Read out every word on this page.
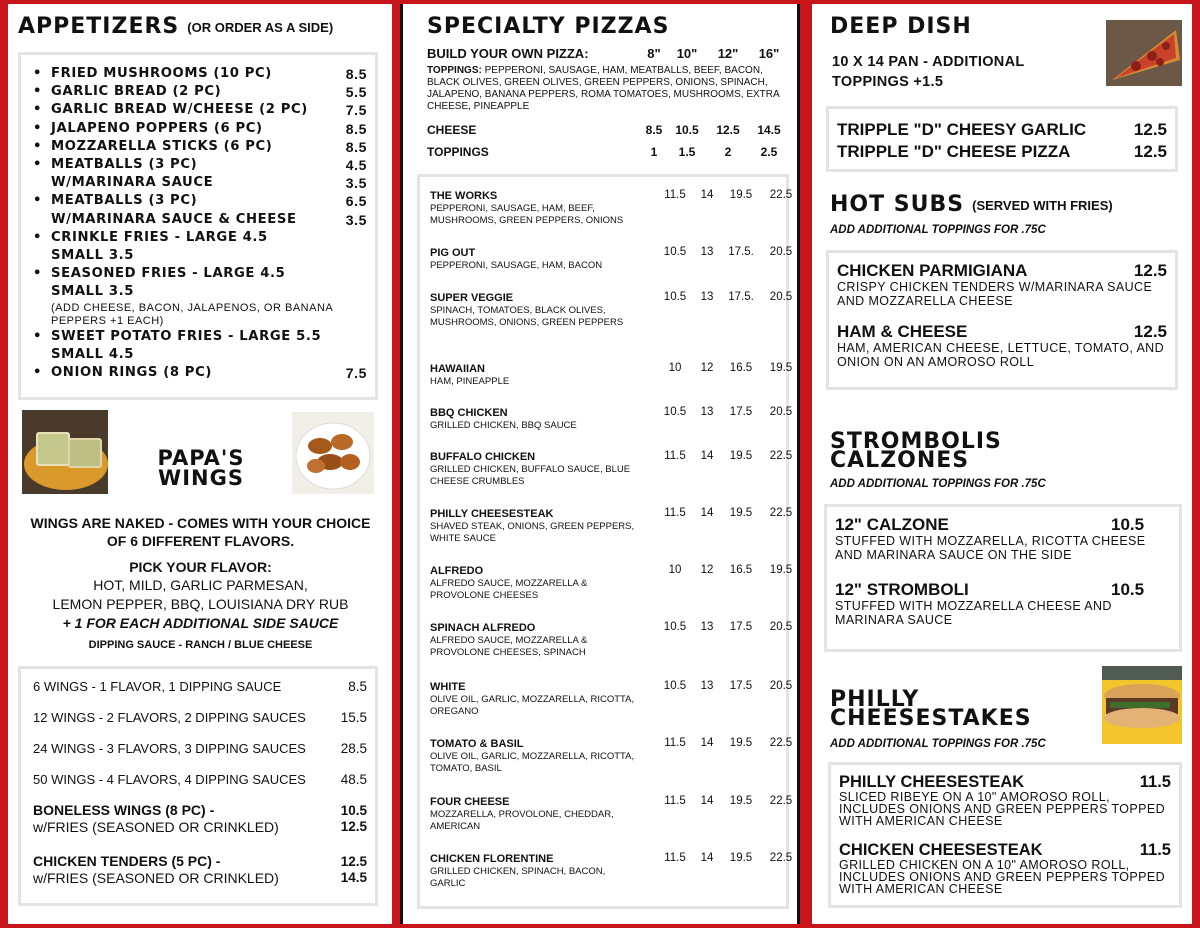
APPETIZERS (OR ORDER AS A SIDE)
• FRIED MUSHROOMS (10 PC)	8.5
• GARLIC BREAD (2 PC)	5.5
• GARLIC BREAD W/CHEESE (2 PC)	7.5
• JALAPENO POPPERS (6 PC)	8.5
• MOZZARELLA STICKS (6 PC)	8.5
• MEATBALLS (3 PC)	4.5
W/MARINARA SAUCE	3.5
• MEATBALLS (3 PC)	6.5
W/MARINARA SAUCE & CHEESE	3.5
• CRINKLE FRIES - LARGE 4.5
SMALL 3.5
• SEASONED FRIES - LARGE 4.5
SMALL 3.5
(ADD CHEESE, BACON, JALAPENOS, OR BANANA PEPPERS +1 EACH)
• SWEET POTATO FRIES - LARGE 5.5
SMALL 4.5
• ONION RINGS (8 PC)	7.5
PAPA'S
WINGS
WINGS ARE NAKED - COMES WITH YOUR CHOICE OF 6 DIFFERENT FLAVORS.
PICK YOUR FLAVOR:
HOT, MILD, GARLIC PARMESAN,
LEMON PEPPER, BBQ, LOUISIANA DRY RUB
+ 1 FOR EACH ADDITIONAL SIDE SAUCE
DIPPING SAUCE - RANCH / BLUE CHEESE
6 WINGS - 1 FLAVOR, 1 DIPPING SAUCE	8.5
12 WINGS - 2 FLAVORS, 2 DIPPING SAUCES	15.5
24 WINGS - 3 FLAVORS, 3 DIPPING SAUCES	28.5
50 WINGS - 4 FLAVORS, 4 DIPPING SAUCES	48.5
BONELESS WINGS (8 PC) -	10.5
w/FRIES (SEASONED OR CRINKLED)	12.5
CHICKEN TENDERS (5 PC) -	12.5
w/FRIES (SEASONED OR CRINKLED)	14.5
SPECIALTY PIZZAS
BUILD YOUR OWN PIZZA:	8"	10"	12"	16"
TOPPINGS: PEPPERONI, SAUSAGE, HAM, MEATBALLS, BEEF, BACON, BLACK OLIVES, GREEN OLIVES, GREEN PEPPERS, ONIONS, SPINACH, JALAPENO, BANANA PEPPERS, ROMA TOMATOES, MUSHROOMS, EXTRA CHEESE, PINEAPPLE
CHEESE	8.5	10.5	12.5	14.5
TOPPINGS	1	1.5	2	2.5
THE WORKS
PEPPERONI, SAUSAGE, HAM, BEEF, MUSHROOMS, GREEN PEPPERS, ONIONS
11.5	14	19.5	22.5
PIG OUT
PEPPERONI, SAUSAGE, HAM, BACON
10.5	13	17.5.	20.5
SUPER VEGGIE
SPINACH, TOMATOES, BLACK OLIVES, MUSHROOMS, ONIONS, GREEN PEPPERS
10.5	13	17.5.	20.5
HAWAIIAN
HAM, PINEAPPLE
10	12	16.5	19.5
BBQ CHICKEN
GRILLED CHICKEN, BBQ SAUCE
10.5	13	17.5	20.5
BUFFALO CHICKEN
GRILLED CHICKEN, BUFFALO SAUCE, BLUE CHEESE CRUMBLES
11.5	14	19.5	22.5
PHILLY CHEESESTEAK
SHAVED STEAK, ONIONS, GREEN PEPPERS, WHITE SAUCE
11.5	14	19.5	22.5
ALFREDO
ALFREDO SAUCE, MOZZARELLA & PROVOLONE CHEESES
10	12	16.5	19.5
SPINACH ALFREDO
ALFREDO SAUCE, MOZZARELLA & PROVOLONE CHEESES, SPINACH
10.5	13	17.5	20.5
WHITE
OLIVE OIL, GARLIC, MOZZARELLA, RICOTTA, OREGANO
10.5	13	17.5	20.5
TOMATO & BASIL
OLIVE OIL, GARLIC, MOZZARELLA, RICOTTA, TOMATO, BASIL
11.5	14	19.5	22.5
FOUR CHEESE
MOZZARELLA, PROVOLONE, CHEDDAR, AMERICAN
11.5	14	19.5	22.5
CHICKEN FLORENTINE
GRILLED CHICKEN, SPINACH, BACON, GARLIC
11.5	14	19.5	22.5
DEEP DISH
10 X 14 PAN - ADDITIONAL
TOPPINGS +1.5
TRIPPLE "D" CHEESY GARLIC	12.5
TRIPPLE "D" CHEESE PIZZA	12.5
HOT SUBS (SERVED WITH FRIES)
ADD ADDITIONAL TOPPINGS FOR .75C
CHICKEN PARMIGIANA	12.5
CRISPY CHICKEN TENDERS W/MARINARA SAUCE AND MOZZARELLA CHEESE
HAM & CHEESE	12.5
HAM, AMERICAN CHEESE, LETTUCE, TOMATO, AND ONION ON AN AMOROSO ROLL
STROMBOLIS
CALZONES
ADD ADDITIONAL TOPPINGS FOR .75C
12" CALZONE	10.5
STUFFED WITH MOZZARELLA, RICOTTA CHEESE AND MARINARA SAUCE ON THE SIDE
12" STROMBOLI	10.5
STUFFED WITH MOZZARELLA CHEESE AND MARINARA SAUCE
PHILLY
CHEESESTAKES
ADD ADDITIONAL TOPPINGS FOR .75C
PHILLY CHEESESTEAK	11.5
SLICED RIBEYE ON A 10" AMOROSO ROLL, INCLUDES ONIONS AND GREEN PEPPERS TOPPED WITH AMERICAN CHEESE
CHICKEN CHEESESTEAK	11.5
GRILLED CHICKEN ON A 10" AMOROSO ROLL, INCLUDES ONIONS AND GREEN PEPPERS TOPPED WITH AMERICAN CHEESE
